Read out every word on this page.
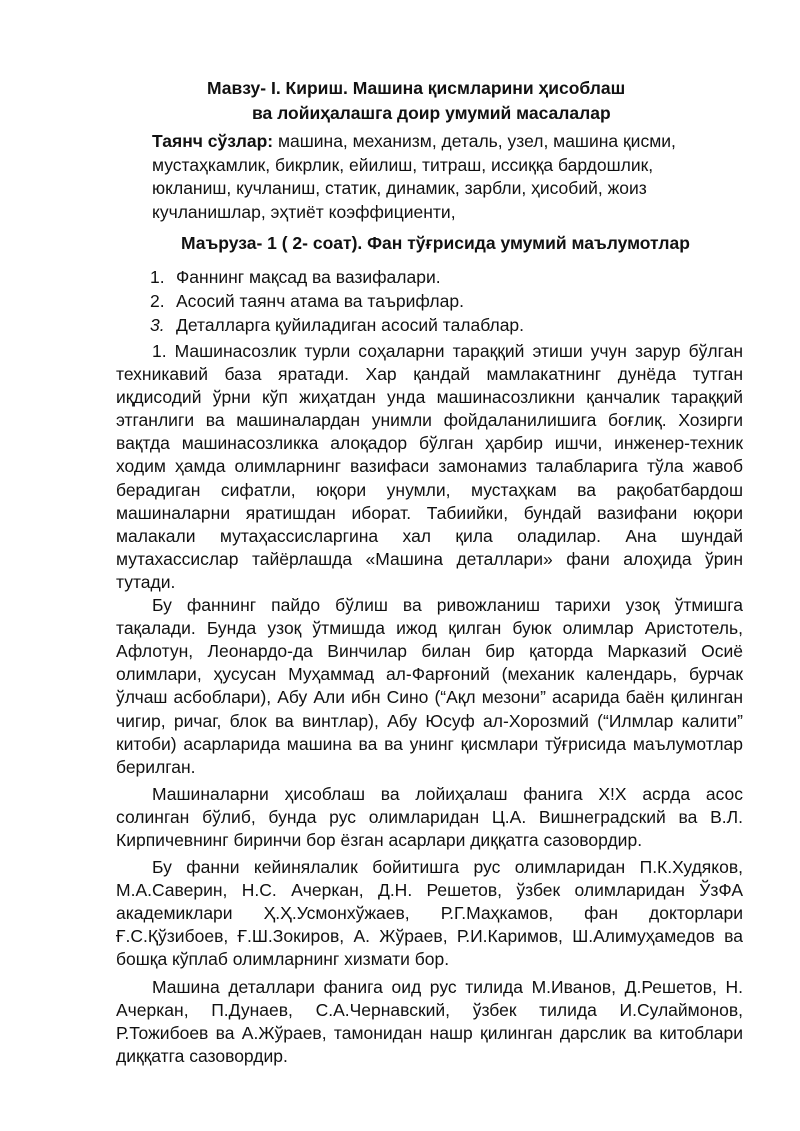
Мавзу- I. Кириш. Машина қисмларини ҳисоблаш
ва лойиҳалашга доир умумий масалалар
Таянч сўзлар: машина, механизм, деталь, узел, машина қисми, мустаҳкамлик, бикрлик, ейилиш, титраш, иссиққа бардошлик, юкланиш, кучланиш, статик, динамик, зарбли, ҳисобий, жоиз кучланишлар, эҳтиёт коэффициенти,
Маъруза- 1 ( 2- соат). Фан тўғрисида умумий маълумотлар
1. Фаннинг мақсад ва вазифалари.
2. Асосий таянч атама ва таърифлар.
3. Деталларга қуйиладиган асосий талаблар.

1. Машинасозлик турли соҳаларни тараққий этиши учун зарур бўлган техникавий база яратади. Хар қандай мамлакатнинг дунёда тутган иқдисодий ўрни кўп жиҳатдан унда машинасозликни қанчалик тараққий этганлиги ва машиналардан унимли фойдаланилишига боғлиқ. Хозирги вақтда машинасозликка алоқадор бўлган ҳарбир ишчи, инженер-техник ходим ҳамда олимларнинг вазифаси замонамиз талабларига тўла жавоб берадиган сифатли, юқори унумли, мустаҳкам ва рақобатбардош машиналарни яратишдан иборат. Табиийки, бундай вазифани юқори малакали мутаҳассисларгина хал қила оладилар. Ана шундай мутахассислар тайёрлашда «Машина деталлари» фани алоҳида ўрин тутади.

Бу фаннинг пайдо бўлиш ва ривожланиш тарихи узоқ ўтмишга тақалади. Бунда узоқ ўтмишда ижод қилган буюк олимлар Аристотель, Афлотун, Леонардо-да Винчилар билан бир қаторда Марказий Осиё олимлари, ҳусусан Муҳаммад ал-Фарғоний (механик календарь, бурчак ўлчаш асбоблари), Абу Али ибн Сино (“Ақл мезони” асарида баён қилинган чигир, ричаг, блок ва винтлар), Абу Юсуф ал-Хорозмий (“Илмлар калити” китоби) асарларида машина ва ва унинг қисмлари тўғрисида маълумотлар берилган.

Машиналарни ҳисоблаш ва лойиҳалаш фанига X!X асрда асос солинган бўлиб, бунда рус олимларидан Ц.А. Вишнеградский ва В.Л. Кирпичевнинг биринчи бор ёзган асарлари диққатга сазовордир.

Бу фанни кейинялалик бойитишга рус олимларидан П.К.Худяков, М.А.Саверин, Н.С. Ачеркан, Д.Н. Решетов, ўзбек олимларидан ЎзФА академиклари Ҳ.Ҳ.Усмонхўжаев, Р.Г.Маҳкамов, фан докторлари Ғ.С.Қўзибоев, Ғ.Ш.Зокиров, А. Жўраев, Р.И.Каримов, Ш.Алимуҳамедов ва бошқа кўплаб олимларнинг хизмати бор.

Машина деталлари фанига оид рус тилида М.Иванов, Д.Решетов, Н. Ачеркан, П.Дунаев, С.А.Чернавский, ўзбек тилида И.Сулаймонов, Р.Тожибоев ва А.Жўраев, тамонидан нашр қилинган дарслик ва китоблари диққатга сазовордир.
